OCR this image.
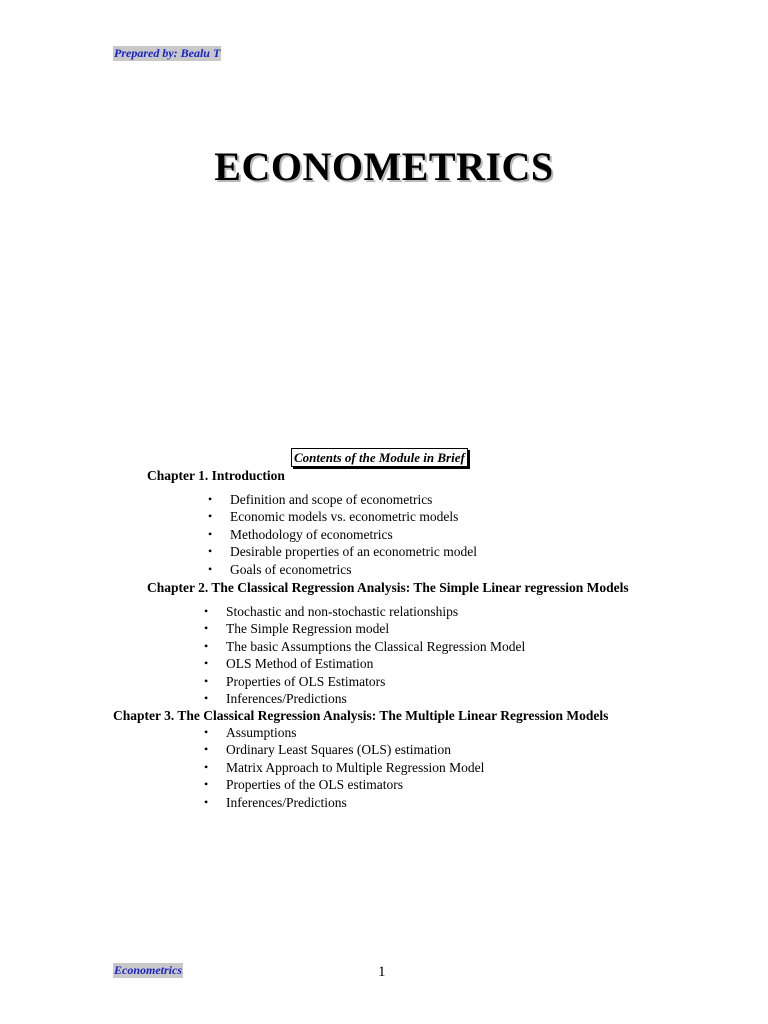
Prepared by: Bealu T
ECONOMETRICS
Contents of the Module in Brief
Chapter 1. Introduction
• Definition and scope of econometrics
• Economic models vs. econometric models
• Methodology of econometrics
• Desirable properties of an econometric model
• Goals of econometrics
Chapter 2. The Classical Regression Analysis: The Simple Linear regression Models
• Stochastic and non-stochastic relationships
• The Simple Regression model
• The basic Assumptions the Classical Regression Model
• OLS Method of Estimation
• Properties of OLS Estimators
• Inferences/Predictions
Chapter 3. The Classical Regression Analysis: The Multiple Linear Regression Models
• Assumptions
• Ordinary Least Squares (OLS) estimation
• Matrix Approach to Multiple Regression Model
• Properties of the OLS estimators
• Inferences/Predictions
Econometrics	1
